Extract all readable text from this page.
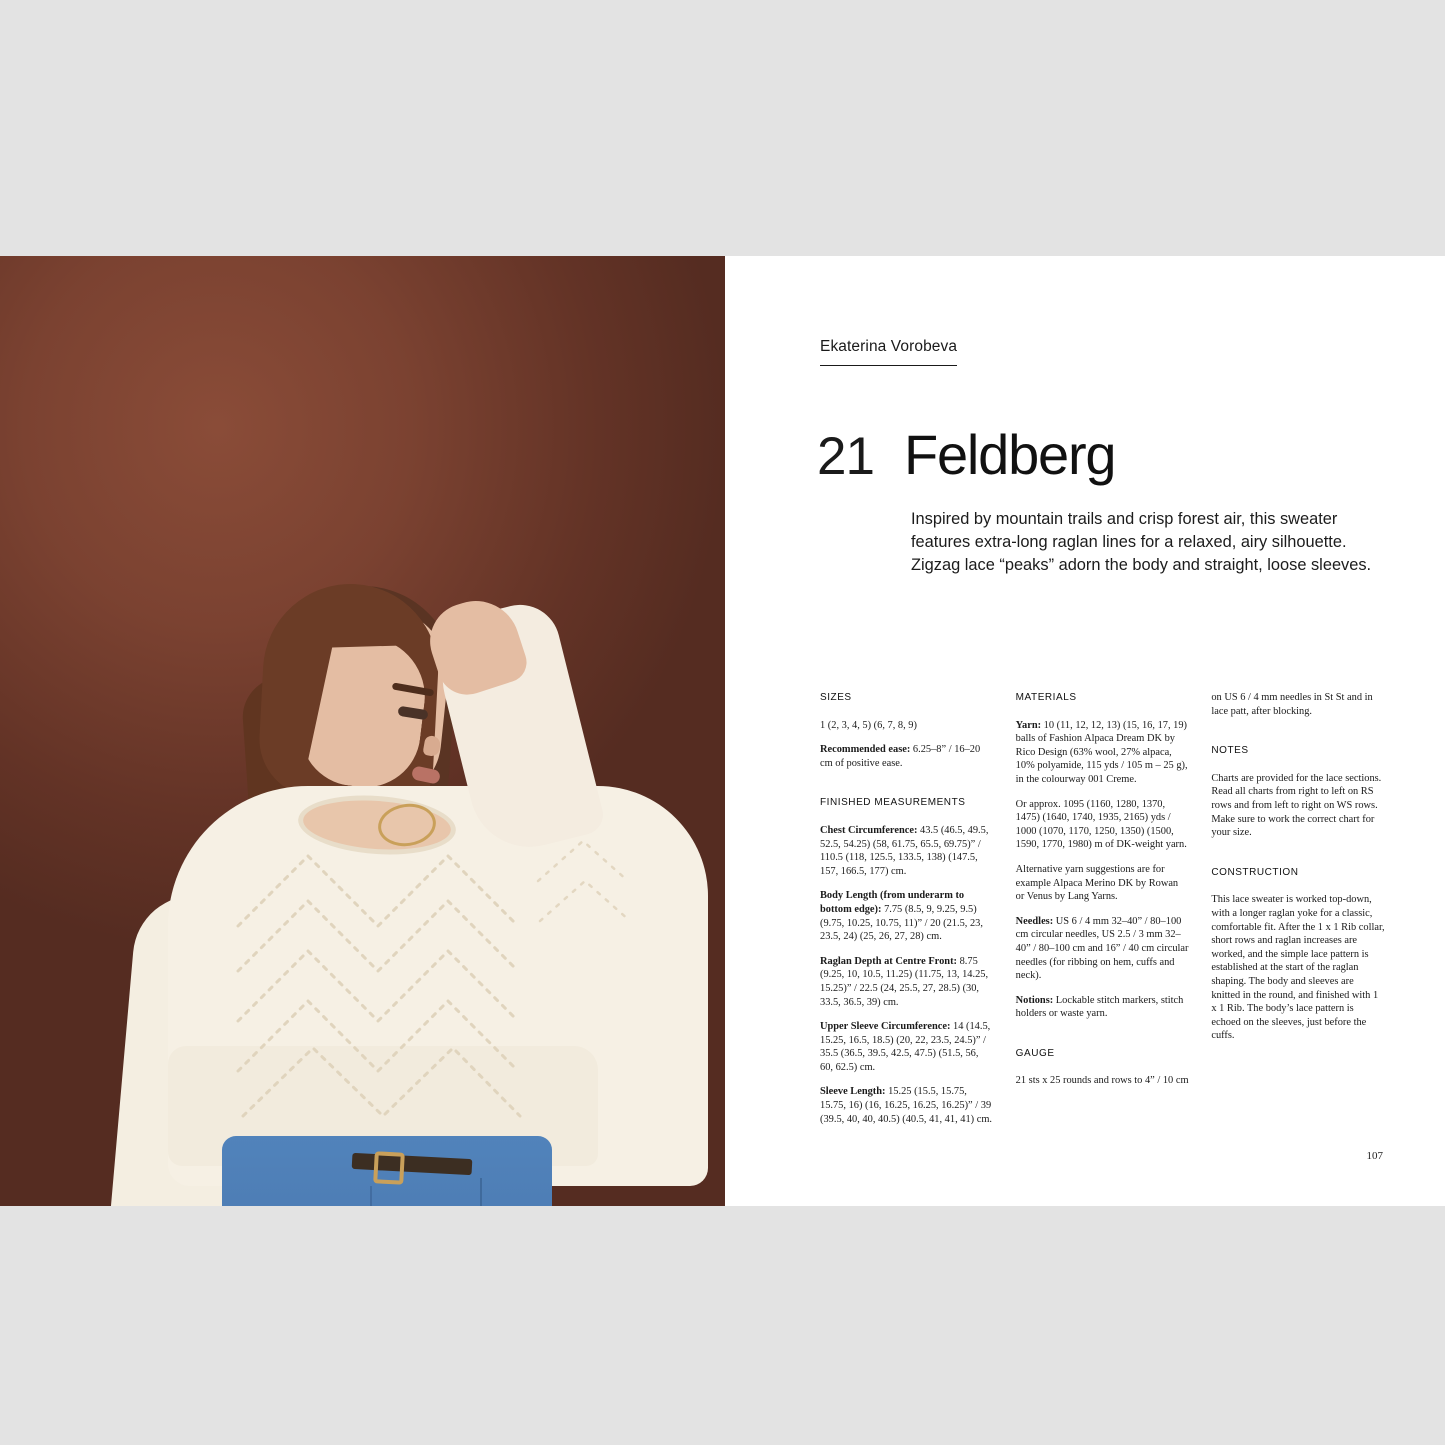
Ekaterina Vorobeva
21 Feldberg
Inspired by mountain trails and crisp forest air, this sweater features extra-long raglan lines for a relaxed, airy silhouette. Zigzag lace “peaks” adorn the body and straight, loose sleeves.
SIZES

1 (2, 3, 4, 5) (6, 7, 8, 9)

Recommended ease: 6.25–8” / 16–20 cm of positive ease.

FINISHED MEASUREMENTS

Chest Circumference: 43.5 (46.5, 49.5, 52.5, 54.25) (58, 61.75, 65.5, 69.75)” / 110.5 (118, 125.5, 133.5, 138) (147.5, 157, 166.5, 177) cm.

Body Length (from underarm to bottom edge): 7.75 (8.5, 9, 9.25, 9.5) (9.75, 10.25, 10.75, 11)” / 20 (21.5, 23, 23.5, 24) (25, 26, 27, 28) cm.

Raglan Depth at Centre Front: 8.75 (9.25, 10, 10.5, 11.25) (11.75, 13, 14.25, 15.25)” / 22.5 (24, 25.5, 27, 28.5) (30, 33.5, 36.5, 39) cm.

Upper Sleeve Circumference: 14 (14.5, 15.25, 16.5, 18.5) (20, 22, 23.5, 24.5)” / 35.5 (36.5, 39.5, 42.5, 47.5) (51.5, 56, 60, 62.5) cm.

Sleeve Length: 15.25 (15.5, 15.75, 15.75, 16) (16, 16.25, 16.25, 16.25)” / 39 (39.5, 40, 40, 40.5) (40.5, 41, 41, 41) cm.

MATERIALS

Yarn: 10 (11, 12, 12, 13) (15, 16, 17, 19) balls of Fashion Alpaca Dream DK by Rico Design (63% wool, 27% alpaca, 10% polyamide, 115 yds / 105 m – 25 g), in the colourway 001 Creme.

Or approx. 1095 (1160, 1280, 1370, 1475) (1640, 1740, 1935, 2165) yds / 1000 (1070, 1170, 1250, 1350) (1500, 1590, 1770, 1980) m of DK-weight yarn.

Alternative yarn suggestions are for example Alpaca Merino DK by Rowan or Venus by Lang Yarns.

Needles: US 6 / 4 mm 32–40” / 80–100 cm circular needles, US 2.5 / 3 mm 32–40” / 80–100 cm and 16” / 40 cm circular needles (for ribbing on hem, cuffs and neck).

Notions: Lockable stitch markers, stitch holders or waste yarn.

GAUGE

21 sts x 25 rounds and rows to 4” / 10 cm

on US 6 / 4 mm needles in St St and in lace patt, after blocking.

NOTES

Charts are provided for the lace sections. Read all charts from right to left on RS rows and from left to right on WS rows. Make sure to work the correct chart for your size.

CONSTRUCTION

This lace sweater is worked top-down, with a longer raglan yoke for a classic, comfortable fit. After the 1 x 1 Rib collar, short rows and raglan increases are worked, and the simple lace pattern is established at the start of the raglan shaping. The body and sleeves are knitted in the round, and finished with 1 x 1 Rib. The body’s lace pattern is echoed on the sleeves, just before the cuffs.

107
